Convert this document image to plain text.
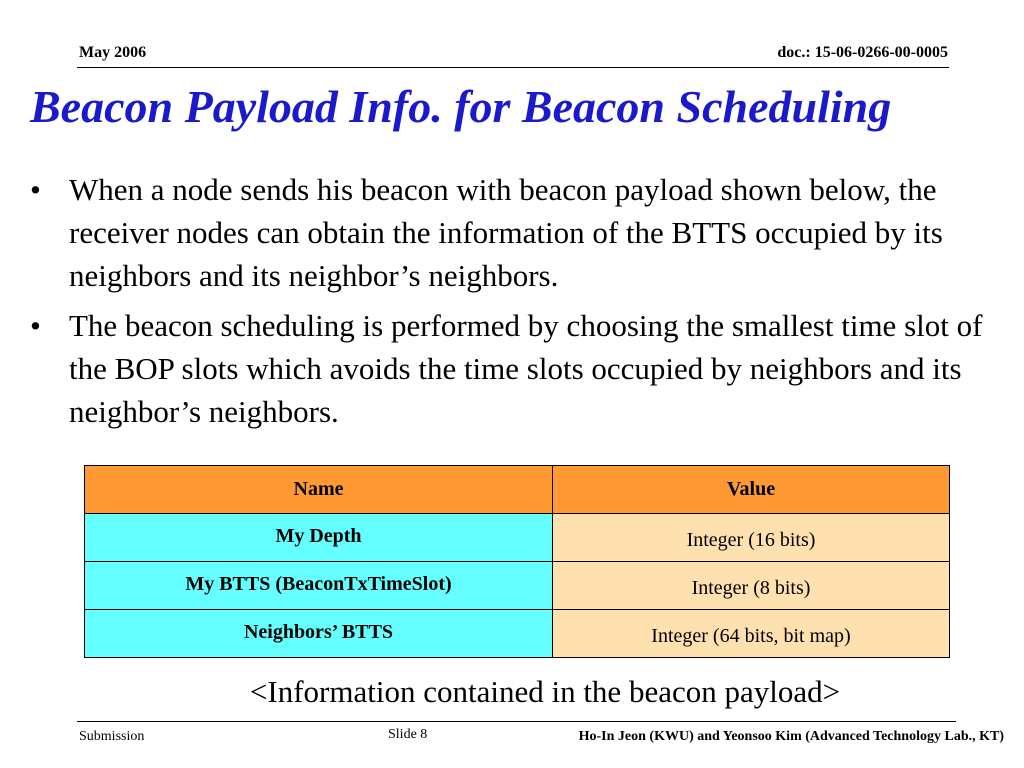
May 2006	doc.: 15-06-0266-00-0005
Beacon Payload Info. for Beacon Scheduling
• When a node sends his beacon with beacon payload shown below, the receiver nodes can obtain the information of the BTTS occupied by its neighbors and its neighbor’s neighbors.
• The beacon scheduling is performed by choosing the smallest time slot of the BOP slots which avoids the time slots occupied by neighbors and its neighbor’s neighbors.
Name	Value
My Depth	Integer (16 bits)
My BTTS (BeaconTxTimeSlot)	Integer (8 bits)
Neighbors’ BTTS	Integer (64 bits, bit map)
<Information contained in the beacon payload>
Submission	Slide 8	Ho-In Jeon (KWU) and Yeonsoo Kim (Advanced Technology Lab., KT)
